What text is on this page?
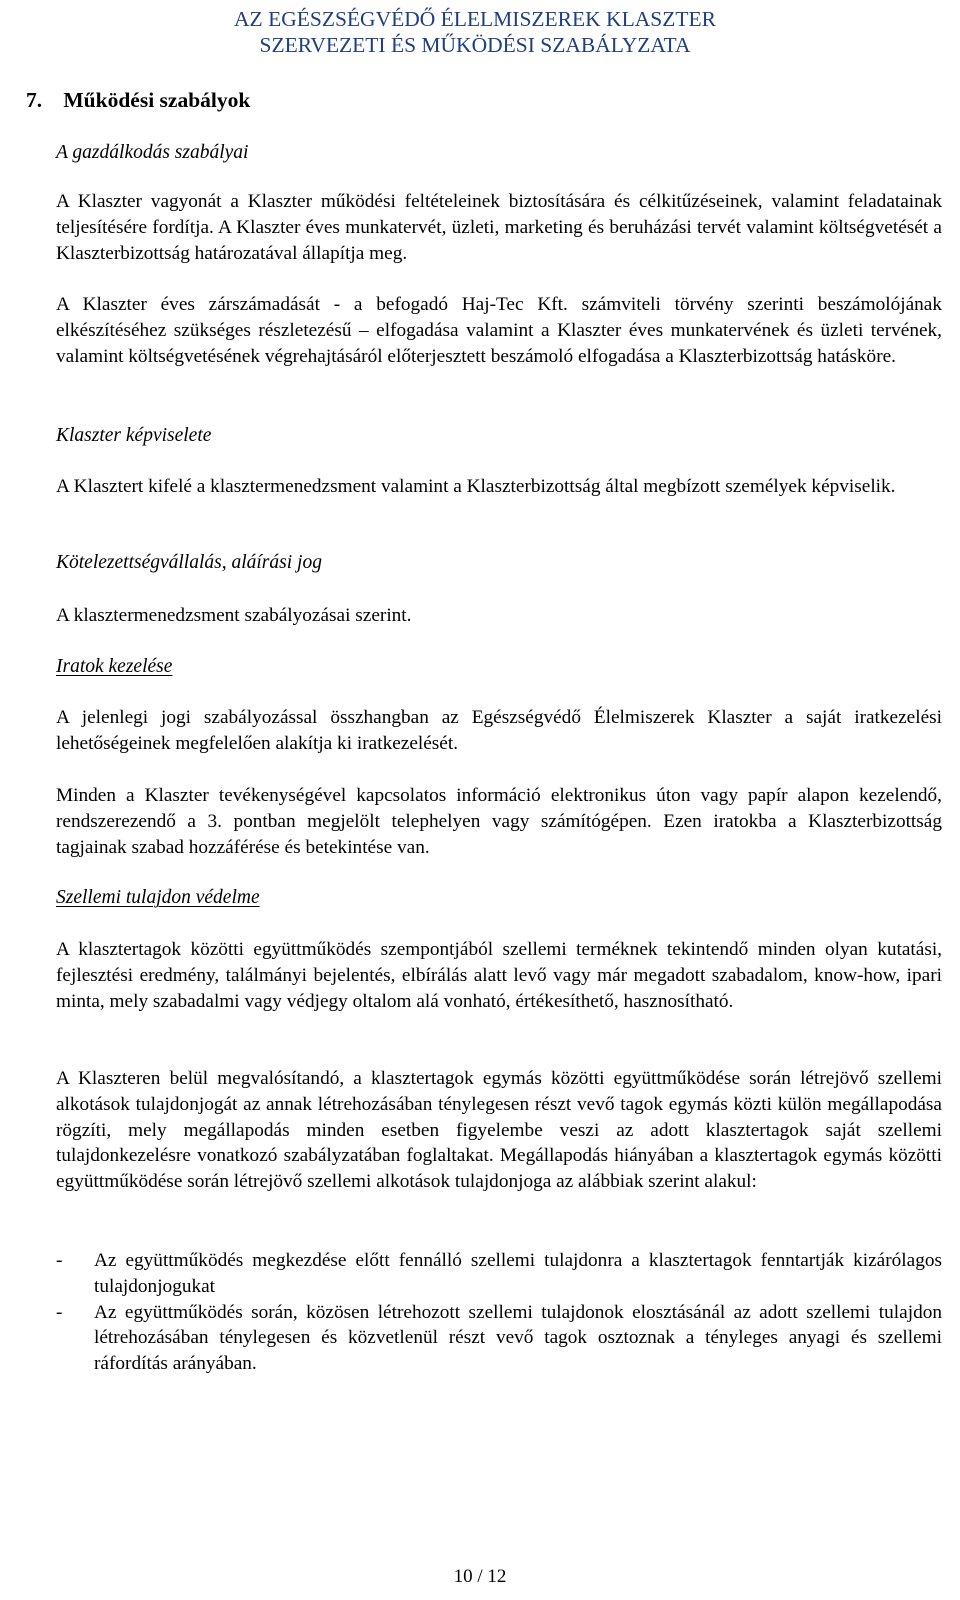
AZ EGÉSZSÉGVÉDŐ ÉLELMISZEREK KLASZTER
SZERVEZETI ÉS MŰKÖDÉSI SZABÁLYZATA
7. Működési szabályok
A gazdálkodás szabályai

A Klaszter vagyonát a Klaszter működési feltételeinek biztosítására és célkitűzéseinek, valamint feladatainak teljesítésére fordítja. A Klaszter éves munkatervét, üzleti, marketing és beruházási tervét valamint költségvetését a Klaszterbizottság határozatával állapítja meg.

A Klaszter éves zárszámadását - a befogadó Haj-Tec Kft. számviteli törvény szerinti beszámolójának elkészítéséhez szükséges részletezésű – elfogadása valamint a Klaszter éves munkatervének és üzleti tervének, valamint költségvetésének végrehajtásáról előterjesztett beszámoló elfogadása a Klaszterbizottság hatásköre.

Klaszter képviselete

A Klasztert kifelé a klasztermenedzsment valamint a Klaszterbizottság által megbízott személyek képviselik.

Kötelezettségvállalás, aláírási jog

A klasztermenedzsment szabályozásai szerint.

Iratok kezelése

A jelenlegi jogi szabályozással összhangban az Egészségvédő Élelmiszerek Klaszter a saját iratkezelési lehetőségeinek megfelelően alakítja ki iratkezelését.

Minden a Klaszter tevékenységével kapcsolatos információ elektronikus úton vagy papír alapon kezelendő, rendszerezendő a 3. pontban megjelölt telephelyen vagy számítógépen. Ezen iratokba a Klaszterbizottság tagjainak szabad hozzáférése és betekintése van.

Szellemi tulajdon védelme

A klasztertagok közötti együttműködés szempontjából szellemi terméknek tekintendő minden olyan kutatási, fejlesztési eredmény, találmányi bejelentés, elbírálás alatt levő vagy már megadott szabadalom, know-how, ipari minta, mely szabadalmi vagy védjegy oltalom alá vonható, értékesíthető, hasznosítható.

A Klaszteren belül megvalósítandó, a klasztertagok egymás közötti együttműködése során létrejövő szellemi alkotások tulajdonjogát az annak létrehozásában ténylegesen részt vevő tagok egymás közti külön megállapodása rögzíti, mely megállapodás minden esetben figyelembe veszi az adott klasztertagok saját szellemi tulajdonkezelésre vonatkozó szabályzatában foglaltakat. Megállapodás hiányában a klasztertagok egymás közötti együttműködése során létrejövő szellemi alkotások tulajdonjoga az alábbiak szerint alakul:

- Az együttműködés megkezdése előtt fennálló szellemi tulajdonra a klasztertagok fenntartják kizárólagos tulajdonjogukat
- Az együttműködés során, közösen létrehozott szellemi tulajdonok elosztásánál az adott szellemi tulajdon létrehozásában ténylegesen és közvetlenül részt vevő tagok osztoznak a tényleges anyagi és szellemi ráfordítás arányában.
10 / 12
